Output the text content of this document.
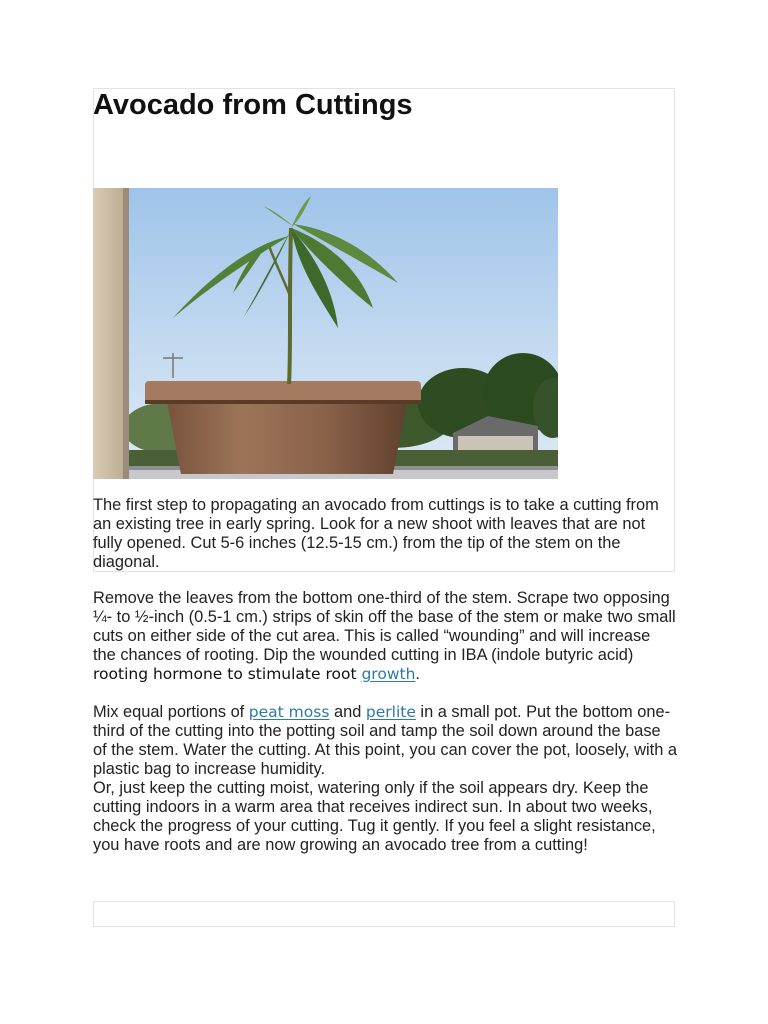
Avocado from Cuttings

The first step to propagating an avocado from cuttings is to take a cutting from an existing tree in early spring. Look for a new shoot with leaves that are not fully opened. Cut 5-6 inches (12.5-15 cm.) from the tip of the stem on the diagonal.

Remove the leaves from the bottom one-third of the stem. Scrape two opposing ¼- to ½-inch (0.5-1 cm.) strips of skin off the base of the stem or make two small cuts on either side of the cut area. This is called “wounding” and will increase the chances of rooting. Dip the wounded cutting in IBA (indole butyric acid) rooting hormone to stimulate root growth.

Mix equal portions of peat moss and perlite in a small pot. Put the bottom one-third of the cutting into the potting soil and tamp the soil down around the base of the stem. Water the cutting. At this point, you can cover the pot, loosely, with a plastic bag to increase humidity.

Or, just keep the cutting moist, watering only if the soil appears dry. Keep the cutting indoors in a warm area that receives indirect sun. In about two weeks, check the progress of your cutting. Tug it gently. If you feel a slight resistance, you have roots and are now growing an avocado tree from a cutting!
